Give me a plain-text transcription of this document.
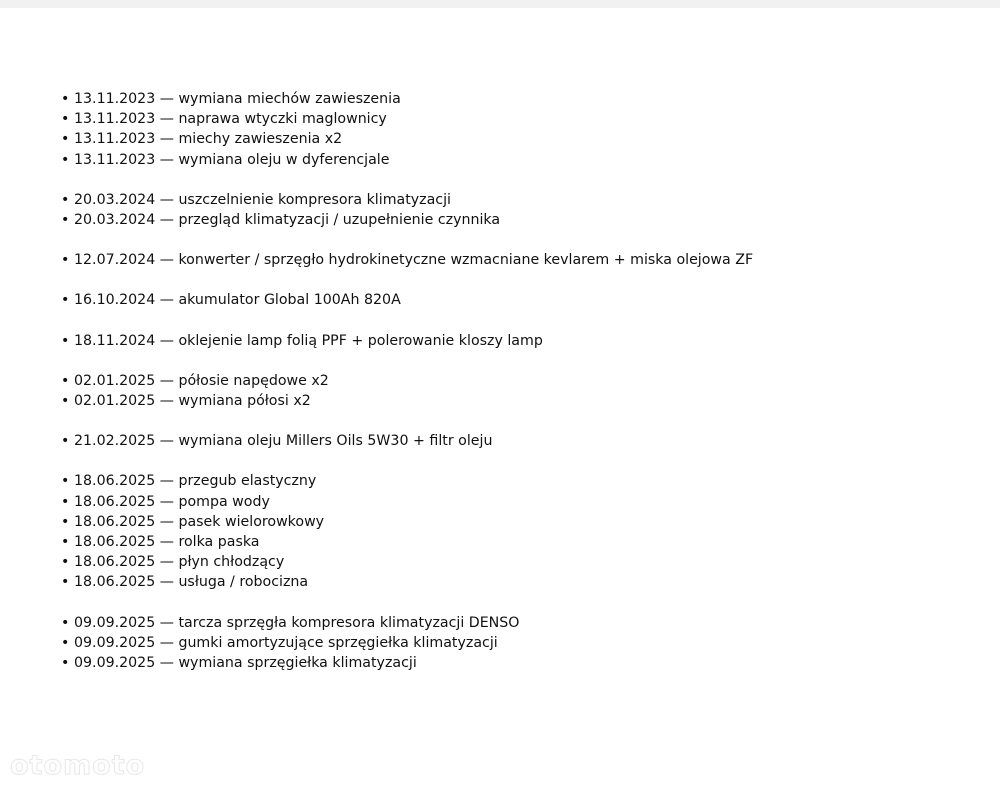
• 13.11.2023 — wymiana miechów zawieszenia
• 13.11.2023 — naprawa wtyczki maglownicy
• 13.11.2023 — miechy zawieszenia x2
• 13.11.2023 — wymiana oleju w dyferencjale
• 20.03.2024 — uszczelnienie kompresora klimatyzacji
• 20.03.2024 — przegląd klimatyzacji / uzupełnienie czynnika
• 12.07.2024 — konwerter / sprzęgło hydrokinetyczne wzmacniane kevlarem + miska olejowa ZF
• 16.10.2024 — akumulator Global 100Ah 820A
• 18.11.2024 — oklejenie lamp folią PPF + polerowanie kloszy lamp
• 02.01.2025 — półosie napędowe x2
• 02.01.2025 — wymiana półosi x2
• 21.02.2025 — wymiana oleju Millers Oils 5W30 + filtr oleju
• 18.06.2025 — przegub elastyczny
• 18.06.2025 — pompa wody
• 18.06.2025 — pasek wielorowkowy
• 18.06.2025 — rolka paska
• 18.06.2025 — płyn chłodzący
• 18.06.2025 — usługa / robocizna
• 09.09.2025 — tarcza sprzęgła kompresora klimatyzacji DENSO
• 09.09.2025 — gumki amortyzujące sprzęgiełka klimatyzacji
• 09.09.2025 — wymiana sprzęgiełka klimatyzacji
otomoto
